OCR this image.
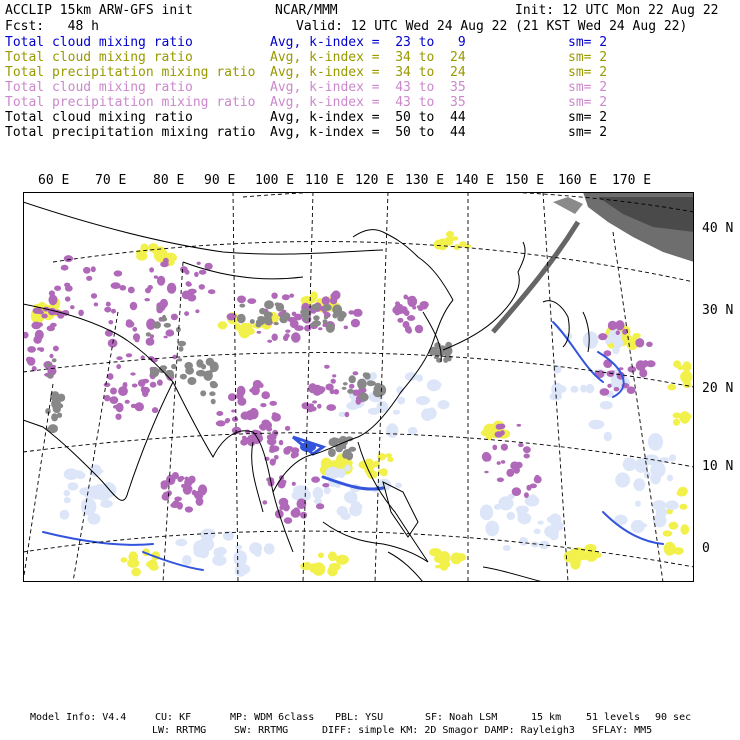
ACCLIP 15km ARW-GFS init	NCAR/MMM	Init: 12 UTC Mon 22 Aug 22
Fcst:   48 h	Valid: 12 UTC Wed 24 Aug 22 (21 KST Wed 24 Aug 22)
Total cloud mixing ratio	Avg, k-index =  23 to   9	sm= 2
Total cloud mixing ratio	Avg, k-index =  34 to  24	sm= 2
Total precipitation mixing ratio Avg, k-index =  34 to  24	sm= 2
Total cloud mixing ratio	Avg, k-index =  43 to  35	sm= 2
Total precipitation mixing ratio Avg, k-index =  43 to  35	sm= 2
Total cloud mixing ratio	Avg, k-index =  50 to  44	sm= 2
Total precipitation mixing ratio Avg, k-index =  50 to  44	sm= 2
60 E 70 E 80 E 90 E 100 E 110 E 120 E 130 E 140 E 150 E 160 E 170 E
40 N
30 N
20 N
10 N
0
Model Info: V4.4	CU: KF	MP: WDM 6class PBL: YSU	SF: Noah LSM	15 km 51 levels 90 sec
LW: RRTMG	SW: RRTMG	DIFF: simple KM: 2D Smagor DAMP: Rayleigh3 SFLAY: MM5
